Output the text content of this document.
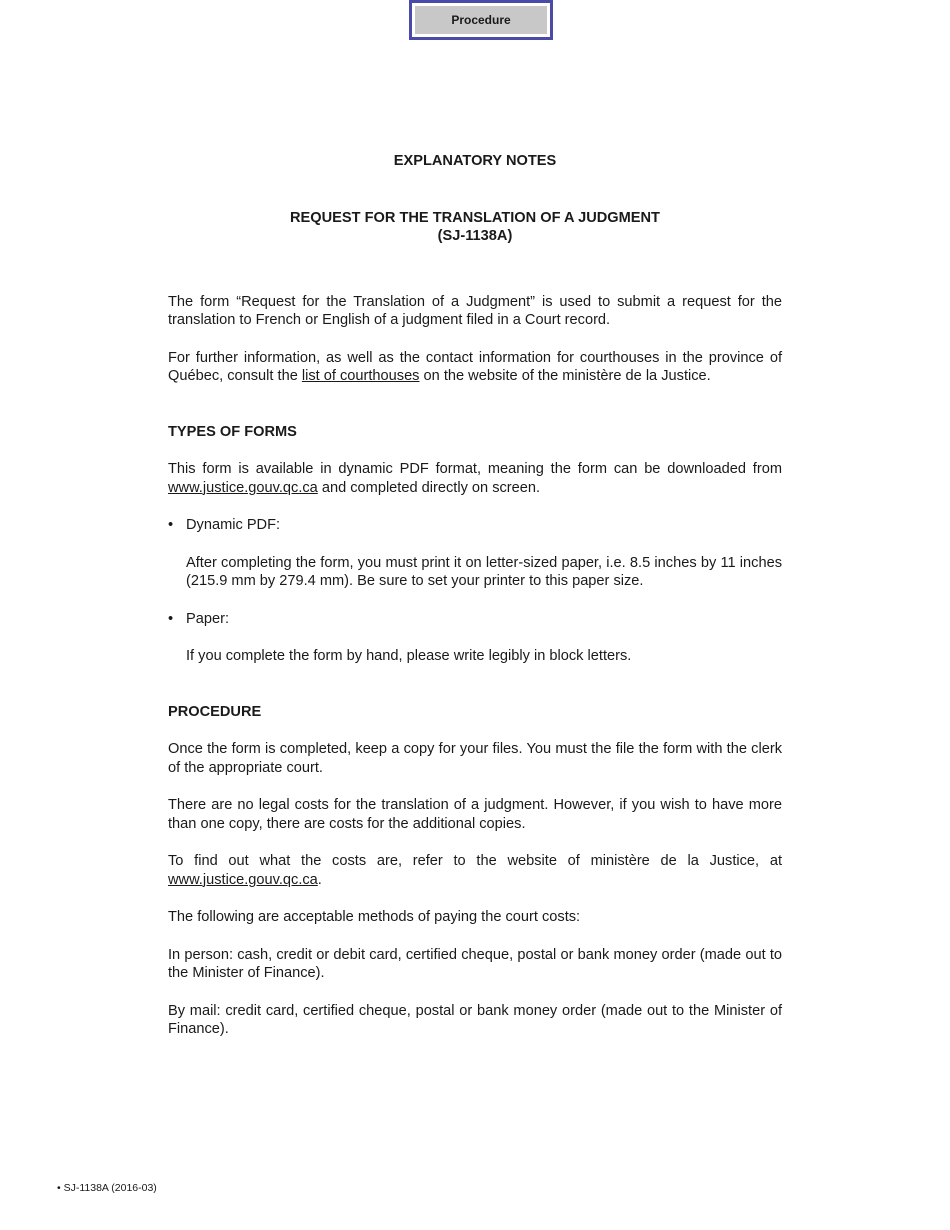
Procedure
EXPLANATORY NOTES
REQUEST FOR THE TRANSLATION OF A JUDGMENT
(SJ-1138A)

The form “Request for the Translation of a Judgment” is used to submit a request for the translation to French or English of a judgment filed in a Court record.

For further information, as well as the contact information for courthouses in the province of Québec, consult the list of courthouses on the website of the ministère de la Justice.

TYPES OF FORMS

This form is available in dynamic PDF format, meaning the form can be downloaded from www.justice.gouv.qc.ca and completed directly on screen.

• Dynamic PDF:

After completing the form, you must print it on letter-sized paper, i.e. 8.5 inches by 11 inches (215.9 mm by 279.4 mm). Be sure to set your printer to this paper size.

• Paper:

If you complete the form by hand, please write legibly in block letters.

PROCEDURE

Once the form is completed, keep a copy for your files. You must the file the form with the clerk of the appropriate court.

There are no legal costs for the translation of a judgment. However, if you wish to have more than one copy, there are costs for the additional copies.

To find out what the costs are, refer to the website of ministère de la Justice, at www.justice.gouv.qc.ca.

The following are acceptable methods of paying the court costs:

In person: cash, credit or debit card, certified cheque, postal or bank money order (made out to the Minister of Finance).

By mail: credit card, certified cheque, postal or bank money order (made out to the Minister of Finance).

• SJ-1138A (2016-03)
